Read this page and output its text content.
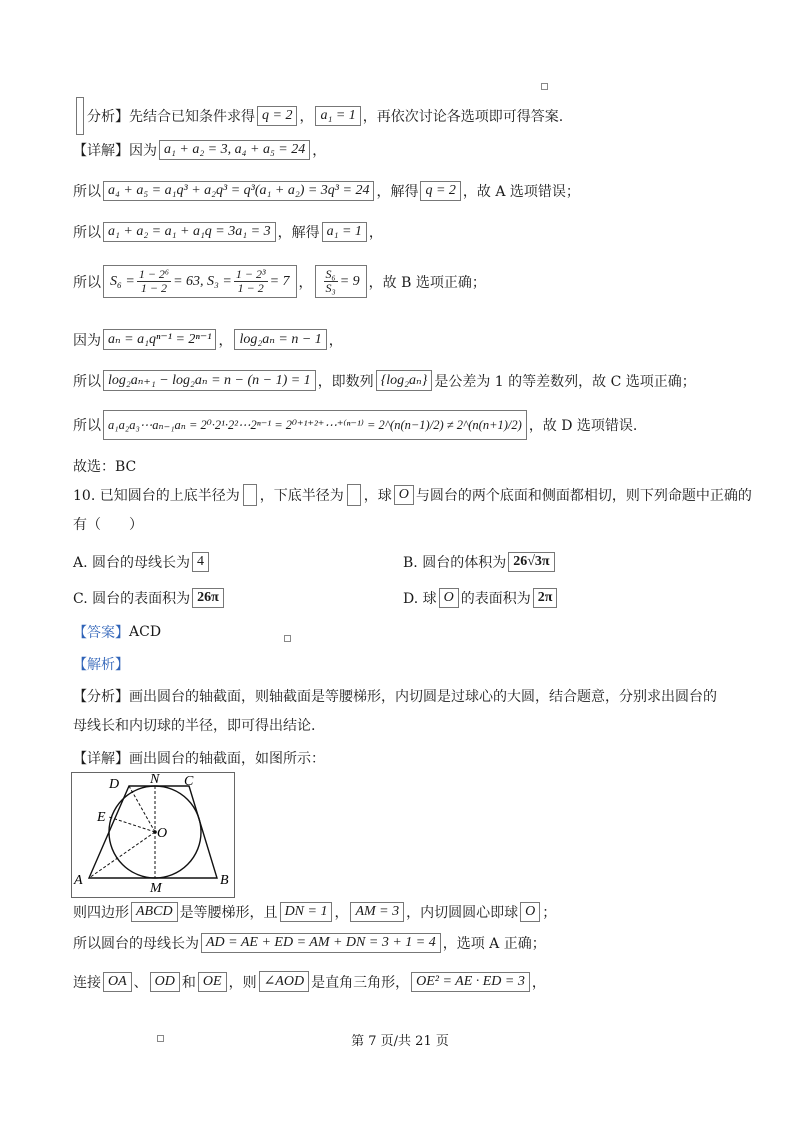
分析】先结合已知条件求得 q = 2 ， a₁ = 1 ，再依次讨论各选项即可得答案.
【详解】因为 a₁ + a₂ = 3, a₄ + a₅ = 24 ，
所以 a₄ + a₅ = a₁q³ + a₂q³ = q³(a₁ + a₂) = 3q³ = 24 ，解得 q = 2 ，故 A 选项错误；
所以 a₁ + a₂ = a₁ + a₁q = 3a₁ = 3 ，解得 a₁ = 1 ，
所以 $S_6 = \frac{\text{1 − 2⁶}}{1 - 2} = 63$, $S_3 = \frac{\text{1 − 2³}}{1 - 2} = 7$ ， $\frac{\text{S₆}}{\text{S₃}} = 9$ ，故 B 选项正确；
因为 aₙ = a₁qⁿ⁻¹ = 2ⁿ⁻¹ ， log₂aₙ = n − 1 ，
所以 log₂aₙ₊₁ − log₂aₙ = n − (n − 1) = 1 ，即数列 {log₂aₙ} 是公差为 1 的等差数列，故 C 选项正确；
所以 a₁a₂a₃⋯aₙ₋₁aₙ = 2⁰·2¹·2²⋯2ⁿ⁻¹ = 2⁰⁺¹⁺²⁺⋯⁺⁽ⁿ⁻¹⁾ = 2^(n(n−1)/2) ≠ 2^(n(n+1)/2) ，故 D 选项错误.
故选：BC
10. 已知圆台的上底半径为 ，下底半径为 ，球 O 与圆台的两个底面和侧面都相切，则下列命题中正确的
有（　　）
A. 圆台的母线长为 4	B. 圆台的体积为 26√3π
C. 圆台的表面积为 26π	D. 球 O 的表面积为 2π
【答案】 ACD
【解析】
【分析】 画出圆台的轴截面，则轴截面是等腰梯形，内切圆是过球心的大圆，结合题意，分别求出圆台的
母线长和内切球的半径，即可得出结论.
【详解】 画出圆台的轴截面，如图所示：
D N C
E
O
A
M
B
则四边形 ABCD 是等腰梯形，且 DN = 1 ， AM = 3 ，内切圆圆心即球 O ；
所以圆台的母线长为 AD = AE + ED = AM + DN = 3 + 1 = 4 ，选项 A 正确；
连接 OA 、 OD 和 OE ，则 ∠AOD 是直角三角形， OE² = AE · ED = 3 ，
第 7 页/共 21 页
